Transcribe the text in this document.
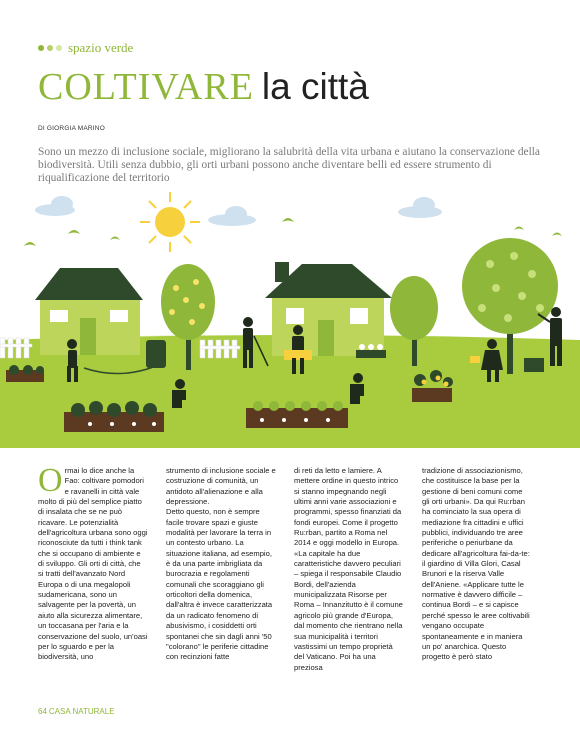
spazio verde
COLTIVARE la città
DI GIORGIA MARINO
Sono un mezzo di inclusione sociale, migliorano la salubrità della vita urbana e aiutano la conservazione della biodiversità. Utili senza dubbio, gli orti urbani possono anche diventare belli ed essere strumento di riqualificazione del territorio

Ormai lo dice anche la Fao: coltivare pomodori e ravanelli in città vale molto di più del semplice piatto di insalata che se ne può ricavare. Le potenzialità dell'agricoltura urbana sono oggi riconosciute da tutti i think tank che si occupano di ambiente e di sviluppo. Gli orti di città, che si tratti dell'avanzato Nord Europa o di una megalopoli sudamericana, sono un salvagente per la povertà, un aiuto alla sicurezza alimentare, un toccasana per l'aria e la conservazione del suolo, un'oasi per lo sguardo e per la biodiversità, uno

strumento di inclusione sociale e costruzione di comunità, un antidoto all'alienazione e alla depressione.

Detto questo, non è sempre facile trovare spazi e giuste modalità per lavorare la terra in un contesto urbano. La situazione italiana, ad esempio, è da una parte imbrigliata da burocrazia e regolamenti comunali che scoraggiano gli orticoltori della domenica, dall'altra è invece caratterizzata da un radicato fenomeno di abusivismo, i cosiddetti orti spontanei che sin dagli anni '50 "colorano" le periferie cittadine con recinzioni fatte

di reti da letto e lamiere. A mettere ordine in questo intrico si stanno impegnando negli ultimi anni varie associazioni e programmi, spesso finanziati da fondi europei. Come il progetto Ru:rban, partito a Roma nel 2014 e oggi modello in Europa. «La capitale ha due caratteristiche davvero peculiari – spiega il responsabile Claudio Bordi, dell'azienda municipalizzata Risorse per Roma – Innanzitutto è il comune agricolo più grande d'Europa, dal momento che rientrano nella sua municipalità i territori vastissimi un tempo proprietà del Vaticano. Poi ha una preziosa

tradizione di associazionismo, che costituisce la base per la gestione di beni comuni come gli orti urbani». Da qui Ru:rban ha cominciato la sua opera di mediazione fra cittadini e uffici pubblici, individuando tre aree periferiche o periurbane da dedicare all'agricoltura fai-da-te: il giardino di Villa Glori, Casal Brunori e la riserva Valle dell'Aniene. «Applicare tutte le normative è davvero difficile – continua Bordi – e si capisce perché spesso le aree coltivabili vengano occupate spontaneamente e in maniera un po' anarchica. Questo progetto è però stato

64 CASA NATURALE
